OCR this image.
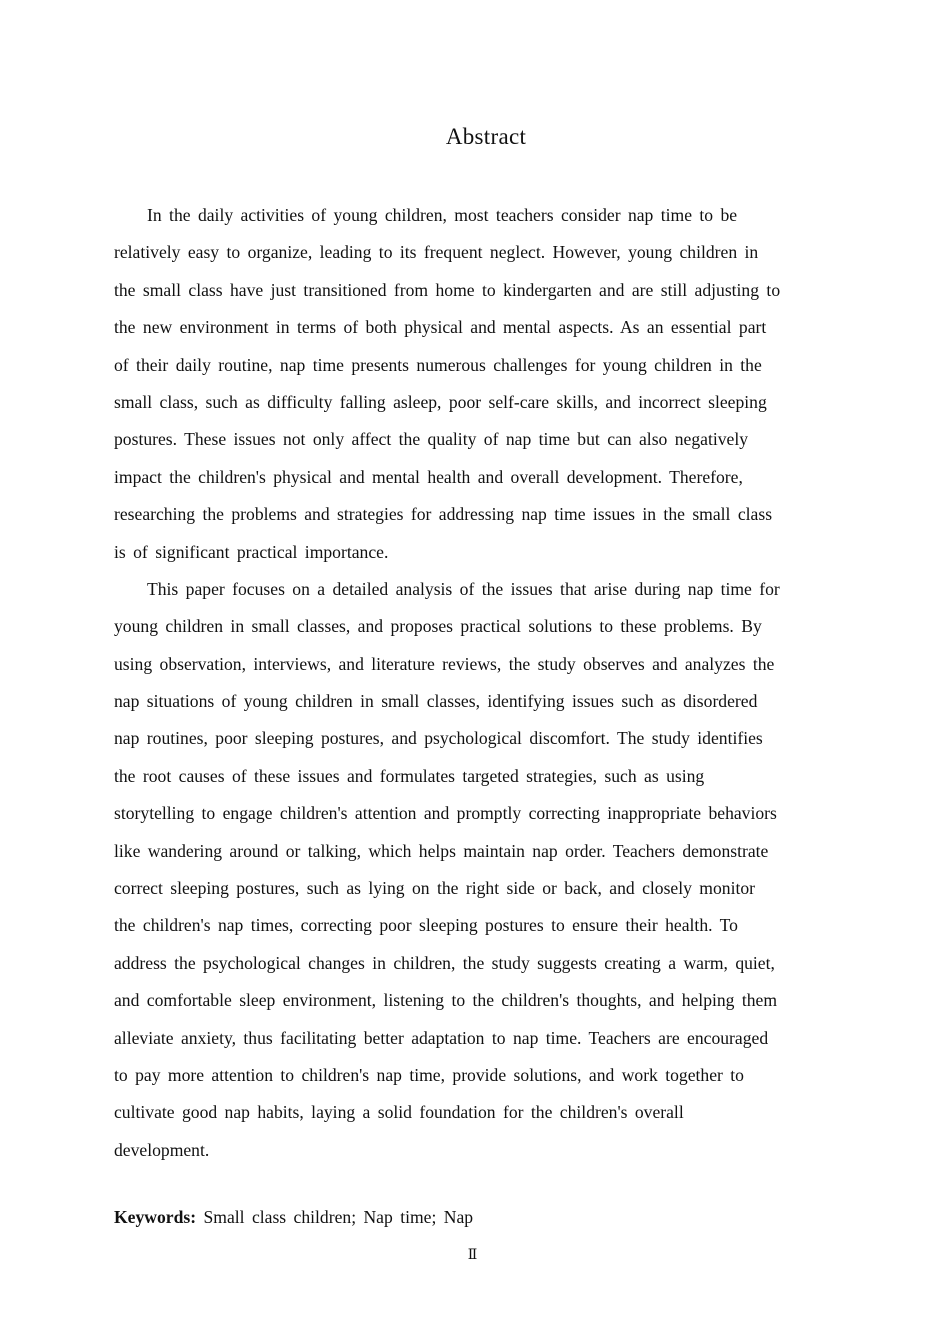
Abstract
In the daily activities of young children, most teachers consider nap time to be
relatively easy to organize, leading to its frequent neglect. However, young children in
the small class have just transitioned from home to kindergarten and are still adjusting to
the new environment in terms of both physical and mental aspects. As an essential part
of their daily routine, nap time presents numerous challenges for young children in the
small class, such as difficulty falling asleep, poor self-care skills, and incorrect sleeping
postures. These issues not only affect the quality of nap time but can also negatively
impact the children's physical and mental health and overall development. Therefore,
researching the problems and strategies for addressing nap time issues in the small class
is of significant practical importance.
This paper focuses on a detailed analysis of the issues that arise during nap time for
young children in small classes, and proposes practical solutions to these problems. By
using observation, interviews, and literature reviews, the study observes and analyzes the
nap situations of young children in small classes, identifying issues such as disordered
nap routines, poor sleeping postures, and psychological discomfort. The study identifies
the root causes of these issues and formulates targeted strategies, such as using
storytelling to engage children's attention and promptly correcting inappropriate behaviors
like wandering around or talking, which helps maintain nap order. Teachers demonstrate
correct sleeping postures, such as lying on the right side or back, and closely monitor
the children's nap times, correcting poor sleeping postures to ensure their health. To
address the psychological changes in children, the study suggests creating a warm, quiet,
and comfortable sleep environment, listening to the children's thoughts, and helping them
alleviate anxiety, thus facilitating better adaptation to nap time. Teachers are encouraged
to pay more attention to children's nap time, provide solutions, and work together to
cultivate good nap habits, laying a solid foundation for the children's overall
development.
Keywords: Small class children; Nap time; Nap
Ⅱ
